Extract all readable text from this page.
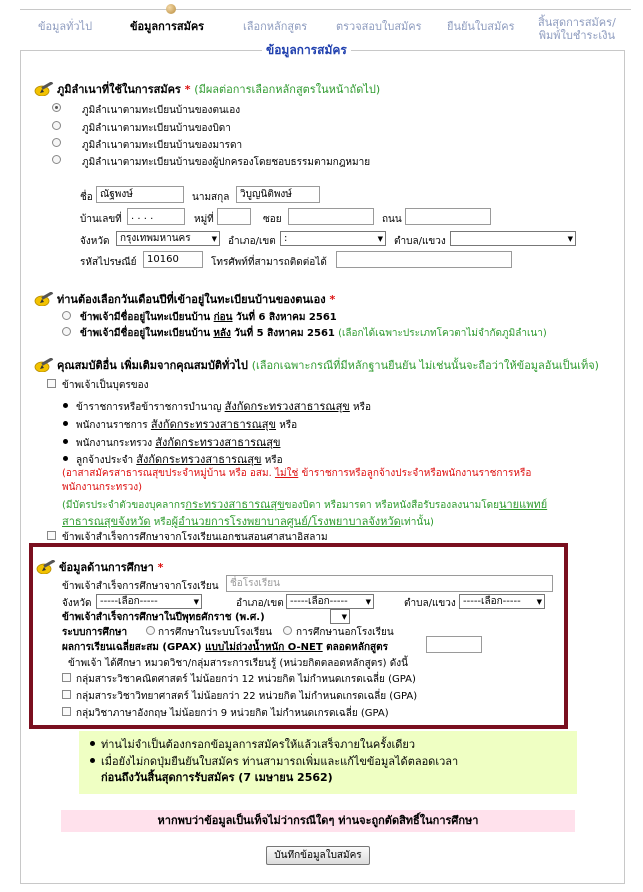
ข้อมูลทั่วไป	ข้อมูลการสมัคร	เลือกหลักสูตร	ตรวจสอบใบสมัคร ยืนยันใบสมัคร สิ้นสุดการสมัคร/
พิมพ์ใบชำระเงิน
ข้อมูลการสมัคร
ภูมิลำเนาที่ใช้ในการสมัคร * (มีผลต่อการเลือกหลักสูตรในหน้าถัดไป)
ภูมิลำเนาตามทะเบียนบ้านของตนเอง
ภูมิลำเนาตามทะเบียนบ้านของบิดา
ภูมิลำเนาตามทะเบียนบ้านของมารดา
ภูมิลำเนาตามทะเบียนบ้านของผู้ปกครองโดยชอบธรรมตามกฎหมาย
ชื่อ ณัฐพงษ์	นามสกุล	วิบูญนิติพงษ์
บ้านเลขที่ . . . .	หมู่ที่	ซอย	ถนน
จังหวัด	กรุงเทพมหานคร ▼	อำเภอ/เขต : ▼	ตำบล/แขวง
▼
รหัสไปรษณีย์	10160	โทรศัพท์ที่สามารถติดต่อได้
ท่านต้องเลือกวันเดือนปีที่เข้าอยู่ในทะเบียนบ้านของตนเอง *
ข้าพเจ้ามีชื่ออยู่ในทะเบียนบ้าน ก่อน วันที่ 6 สิงหาคม 2561
ข้าพเจ้ามีชื่ออยู่ในทะเบียนบ้าน หลัง วันที่ 5 สิงหาคม 2561 (เลือกได้เฉพาะประเภทโควตาไม่จำกัดภูมิลำเนา)
คุณสมบัติอื่น เพิ่มเติมจากคุณสมบัติทั่วไป (เลือกเฉพาะกรณีที่มีหลักฐานยืนยัน ไม่เช่นนั้นจะถือว่าให้ข้อมูลอันเป็นเท็จ)
ข้าพเจ้าเป็นบุตรของ
ข้าราชการหรือข้าราชการบำนาญ สังกัดกระทรวงสาธารณสุข หรือ
พนักงานราชการ สังกัดกระทรวงสาธารณสุข หรือ
พนักงานกระทรวง สังกัดกระทรวงสาธารณสุข
ลูกจ้างประจำ สังกัดกระทรวงสาธารณสุข หรือ
(อาสาสมัครสาธารณสุขประจำหมู่บ้าน หรือ อสม. ไม่ใช่ ข้าราชการหรือลูกจ้างประจำหรือพนักงานราชการหรือ
พนักงานกระทรวง)
(มีบัตรประจำตัวของบุคลากรกระทรวงสาธารณสุขของบิดา หรือมารดา หรือหนังสือรับรองลงนามโดยนายแพทย์
สาธารณสุขจังหวัด หรือผู้อำนวยการโรงพยาบาลศูนย์/โรงพยาบาลจังหวัดเท่านั้น)
ข้าพเจ้าสำเร็จการศึกษาจากโรงเรียนเอกชนสอนศาสนาอิสลาม
ข้อมูลด้านการศึกษา *
ข้าพเจ้าสำเร็จการศึกษาจากโรงเรียน	ชื่อโรงเรียน
จังหวัด -----เลือก----- ▼	อำเภอ/เขต -----เลือก----- ▼	ตำบล/แขวง -----เลือก----- ▼
ข้าพเจ้าสำเร็จการศึกษาในปีพุทธศักราช (พ.ศ.)
▼
ระบบการศึกษา	การศึกษาในระบบโรงเรียน การศึกษานอกโรงเรียน
ผลการเรียนเฉลี่ยสะสม (GPAX) แบบไม่ถ่วงน้ำหนัก O-NET ตลอดหลักสูตร
ข้าพเจ้า ได้ศึกษา หมวดวิชา/กลุ่มสาระการเรียนรู้ (หน่วยกิตตลอดหลักสูตร) ดังนี้
กลุ่มสาระวิชาคณิตศาสตร์ ไม่น้อยกว่า 12 หน่วยกิต ไม่กำหนดเกรดเฉลี่ย (GPA)
กลุ่มสาระวิชาวิทยาศาสตร์ ไม่น้อยกว่า 22 หน่วยกิต ไม่กำหนดเกรดเฉลี่ย (GPA)
กลุ่มวิชาภาษาอังกฤษ ไม่น้อยกว่า 9 หน่วยกิต ไม่กำหนดเกรดเฉลี่ย (GPA)
ท่านไม่จำเป็นต้องกรอกข้อมูลการสมัครให้แล้วเสร็จภายในครั้งเดียว
เมื่อยังไม่กดปุ่มยืนยันใบสมัคร ท่านสามารถเพิ่มและแก้ไขข้อมูลได้ตลอดเวลา
ก่อนถึงวันสิ้นสุดการรับสมัคร (7 เมษายน 2562)
หากพบว่าข้อมูลเป็นเท็จไม่ว่ากรณีใดๆ ท่านจะถูกตัดสิทธิ์ในการศึกษา
บันทึกข้อมูลใบสมัคร
